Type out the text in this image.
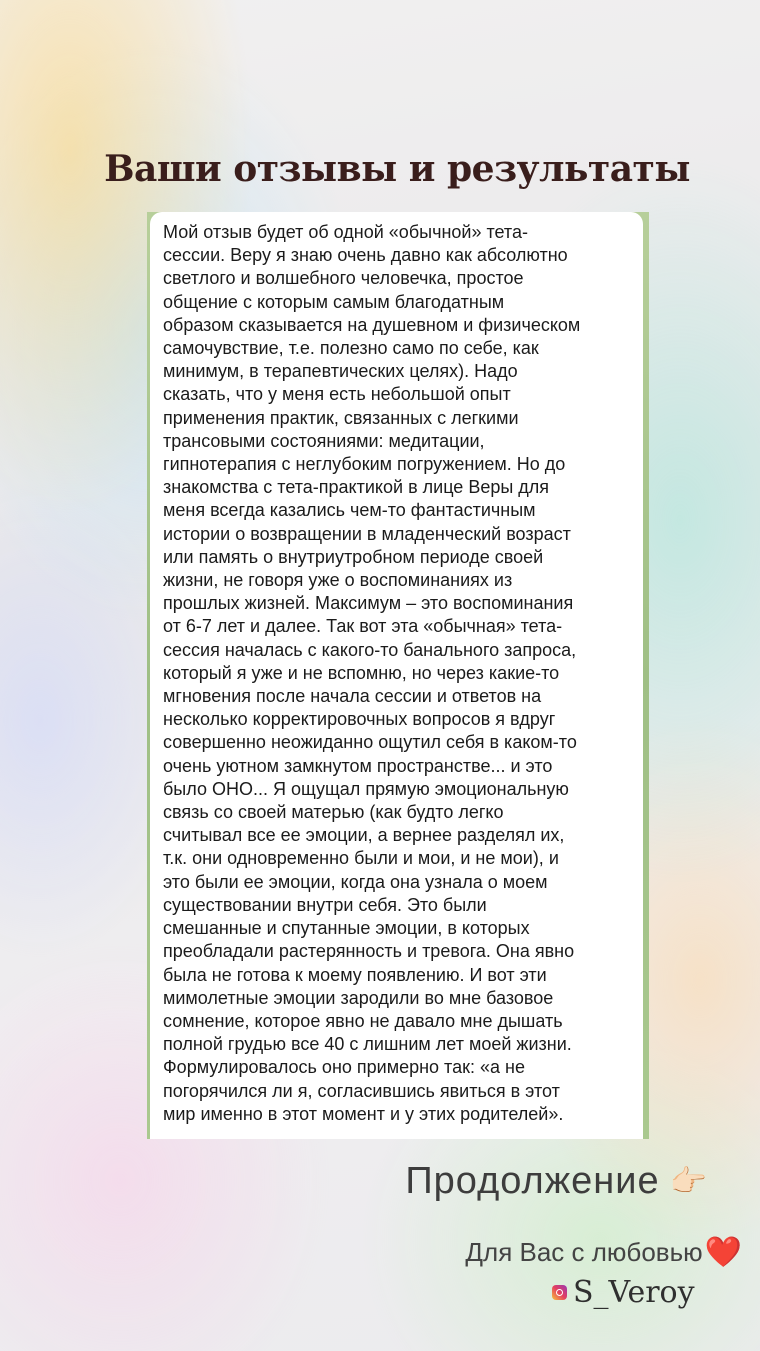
Ваши отзывы и результаты

Мой отзыв будет об одной «обычной» тета-
сессии. Веру я знаю очень давно как абсолютно
светлого и волшебного человечка, простое
общение с которым самым благодатным
образом сказывается на душевном и физическом
самочувствие, т.е. полезно само по себе, как
минимум, в терапевтических целях). Надо
сказать, что у меня есть небольшой опыт
применения практик, связанных с легкими
трансовыми состояниями: медитации,
гипнотерапия с неглубоким погружением. Но до
знакомства с тета-практикой в лице Веры для
меня всегда казались чем-то фантастичным
истории о возвращении в младенческий возраст
или память о внутриутробном периоде своей
жизни, не говоря уже о воспоминаниях из
прошлых жизней. Максимум – это воспоминания
от 6-7 лет и далее. Так вот эта «обычная» тета-
сессия началась с какого-то банального запроса,
который я уже и не вспомню, но через какие-то
мгновения после начала сессии и ответов на
несколько корректировочных вопросов я вдруг
совершенно неожиданно ощутил себя в каком-то
очень уютном замкнутом пространстве... и это
было ОНО... Я ощущал прямую эмоциональную
связь со своей матерью (как будто легко
считывал все ее эмоции, а вернее разделял их,
т.к. они одновременно были и мои, и не мои), и
это были ее эмоции, когда она узнала о моем
существовании внутри себя. Это были
смешанные и спутанные эмоции, в которых
преобладали растерянность и тревога. Она явно
была не готова к моему появлению. И вот эти
мимолетные эмоции зародили во мне базовое
сомнение, которое явно не давало мне дышать
полной грудью все 40 с лишним лет моей жизни.
Формулировалось оно примерно так: «а не
погорячился ли я, согласившись явиться в этот
мир именно в этот момент и у этих родителей».

Продолжение 👉🏻
Для Вас с любовью ❤️
S_Veroy
